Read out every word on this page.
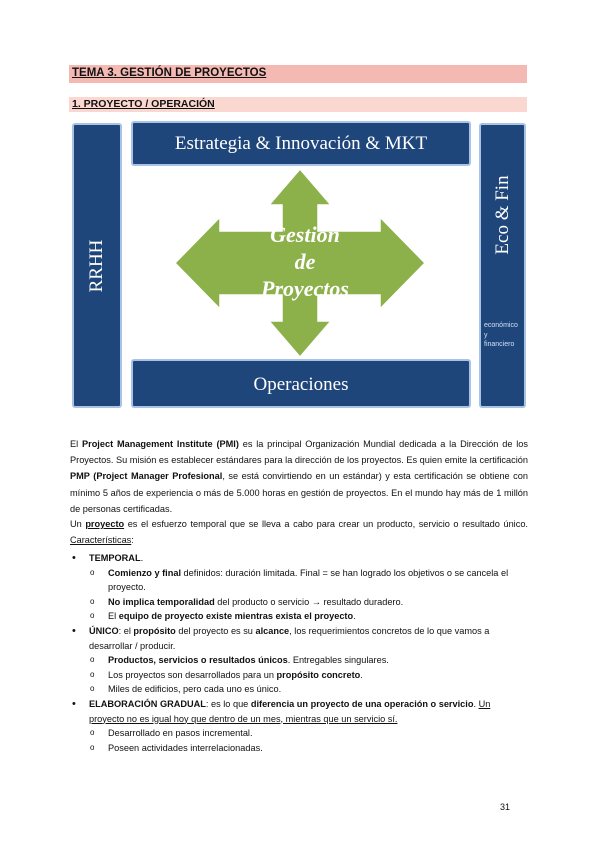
TEMA 3. GESTIÓN DE PROYECTOS
1. PROYECTO / OPERACIÓN
Estrategia & Innovación & MKT
RRHH
Eco & Fin
económico
y
financiero
Operaciones
Gestión
de
Proyectos
El Project Management Institute (PMI) es la principal Organización Mundial dedicada a la Dirección de los Proyectos. Su misión es establecer estándares para la dirección de los proyectos. Es quien emite la certificación PMP (Project Manager Profesional, se está convirtiendo en un estándar) y esta certificación se obtiene con mínimo 5 años de experiencia o más de 5.000 horas en gestión de proyectos. En el mundo hay más de 1 millón de personas certificadas.
Un proyecto es el esfuerzo temporal que se lleva a cabo para crear un producto, servicio o resultado único. Características:
• TEMPORAL.
o Comienzo y final definidos: duración limitada. Final = se han logrado los objetivos o se cancela el proyecto.
o No implica temporalidad del producto o servicio → resultado duradero.
o El equipo de proyecto existe mientras exista el proyecto.
• ÚNICO: el propósito del proyecto es su alcance, los requerimientos concretos de lo que vamos a desarrollar / producir.
o Productos, servicios o resultados únicos. Entregables singulares.
o Los proyectos son desarrollados para un propósito concreto.
o Miles de edificios, pero cada uno es único.
• ELABORACIÓN GRADUAL: es lo que diferencia un proyecto de una operación o servicio. Un proyecto no es igual hoy que dentro de un mes, mientras que un servicio sí.
o Desarrollado en pasos incremental.
o Poseen actividades interrelacionadas.
31
